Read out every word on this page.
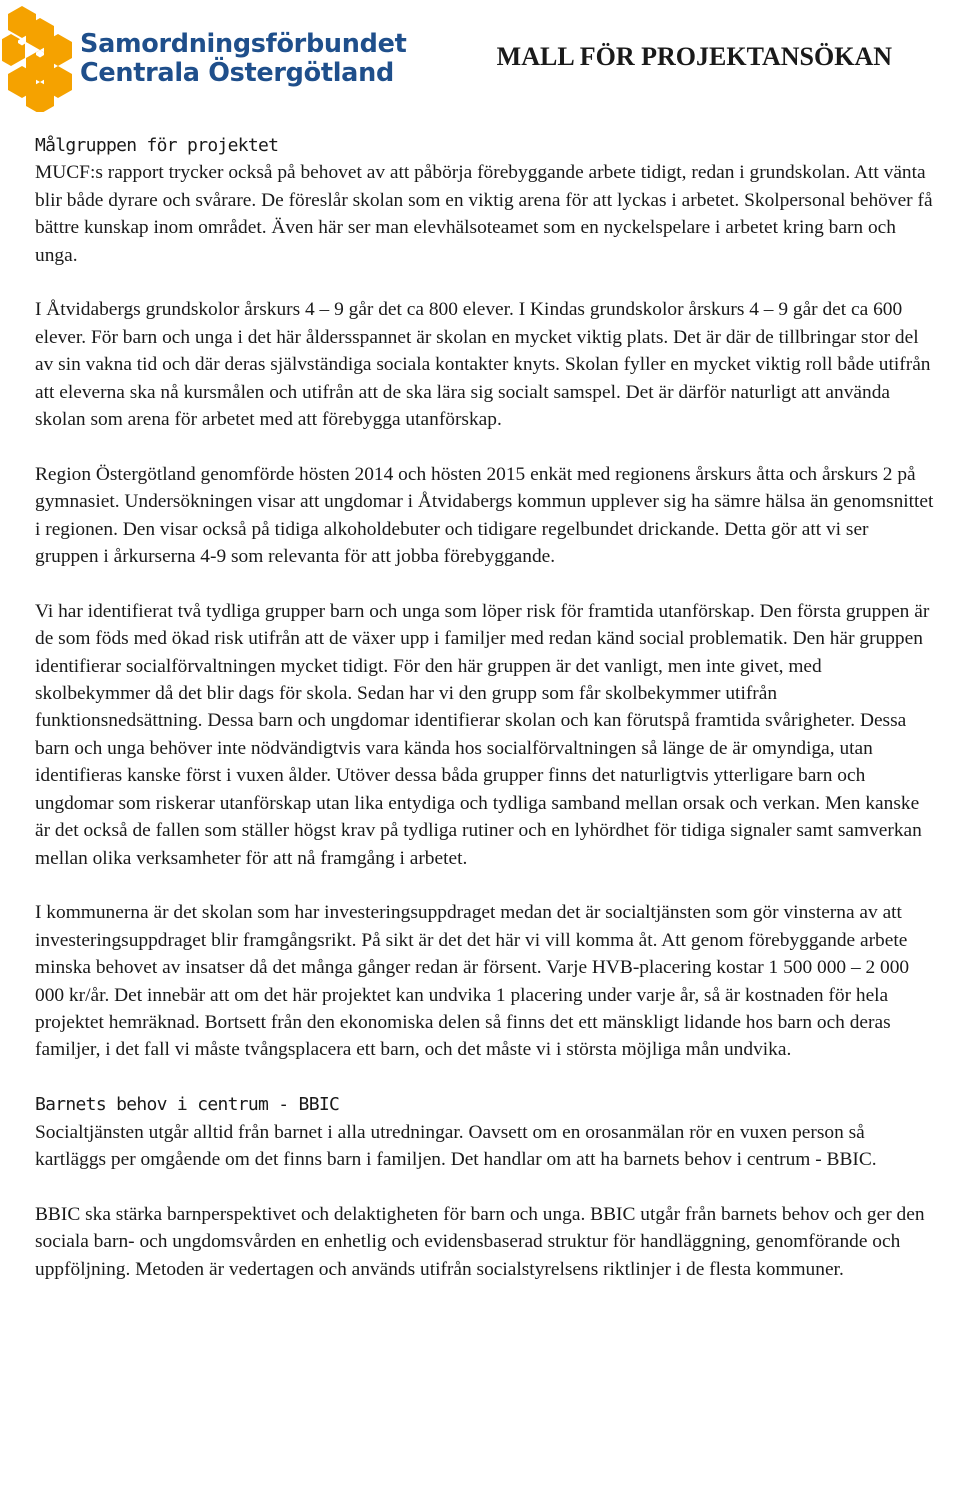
Samordningsförbundet
Centrala Östergötland
MALL FÖR PROJEKTANSÖKAN

Målgruppen för projektet
MUCF:s rapport trycker också på behovet av att påbörja förebyggande arbete tidigt, redan i grundskolan. Att vänta blir både dyrare och svårare. De föreslår skolan som en viktig arena för att lyckas i arbetet. Skolpersonal behöver få bättre kunskap inom området. Även här ser man elevhälsoteamet som en nyckelspelare i arbetet kring barn och unga.

I Åtvidabergs grundskolor årskurs 4 – 9 går det ca 800 elever. I Kindas grundskolor årskurs 4 – 9 går det ca 600 elever. För barn och unga i det här åldersspannet är skolan en mycket viktig plats. Det är där de tillbringar stor del av sin vakna tid och där deras självständiga sociala kontakter knyts. Skolan fyller en mycket viktig roll både utifrån att eleverna ska nå kursmålen och utifrån att de ska lära sig socialt samspel. Det är därför naturligt att använda skolan som arena för arbetet med att förebygga utanförskap.

Region Östergötland genomförde hösten 2014 och hösten 2015 enkät med regionens årskurs åtta och årskurs 2 på gymnasiet. Undersökningen visar att ungdomar i Åtvidabergs kommun upplever sig ha sämre hälsa än genomsnittet i regionen. Den visar också på tidiga alkoholdebuter och tidigare regelbundet drickande. Detta gör att vi ser gruppen i årkurserna 4-9 som relevanta för att jobba förebyggande.

Vi har identifierat två tydliga grupper barn och unga som löper risk för framtida utanförskap. Den första gruppen är de som föds med ökad risk utifrån att de växer upp i familjer med redan känd social problematik. Den här gruppen identifierar socialförvaltningen mycket tidigt. För den här gruppen är det vanligt, men inte givet, med skolbekymmer då det blir dags för skola. Sedan har vi den grupp som får skolbekymmer utifrån funktionsnedsättning. Dessa barn och ungdomar identifierar skolan och kan förutspå framtida svårigheter. Dessa barn och unga behöver inte nödvändigtvis vara kända hos socialförvaltningen så länge de är omyndiga, utan identifieras kanske först i vuxen ålder. Utöver dessa båda grupper finns det naturligtvis ytterligare barn och ungdomar som riskerar utanförskap utan lika entydiga och tydliga samband mellan orsak och verkan. Men kanske är det också de fallen som ställer högst krav på tydliga rutiner och en lyhördhet för tidiga signaler samt samverkan mellan olika verksamheter för att nå framgång i arbetet.

I kommunerna är det skolan som har investeringsuppdraget medan det är socialtjänsten som gör vinsterna av att investeringsuppdraget blir framgångsrikt. På sikt är det det här vi vill komma åt. Att genom förebyggande arbete minska behovet av insatser då det många gånger redan är försent. Varje HVB-placering kostar 1 500 000 – 2 000 000 kr/år. Det innebär att om det här projektet kan undvika 1 placering under varje år, så är kostnaden för hela projektet hemräknad. Bortsett från den ekonomiska delen så finns det ett mänskligt lidande hos barn och deras familjer, i det fall vi måste tvångsplacera ett barn, och det måste vi i största möjliga mån undvika.

Barnets behov i centrum - BBIC
Socialtjänsten utgår alltid från barnet i alla utredningar. Oavsett om en orosanmälan rör en vuxen person så kartläggs per omgående om det finns barn i familjen. Det handlar om att ha barnets behov i centrum - BBIC.

BBIC ska stärka barnperspektivet och delaktigheten för barn och unga. BBIC utgår från barnets behov och ger den sociala barn- och ungdomsvården en enhetlig och evidensbaserad struktur för handläggning, genomförande och uppföljning. Metoden är vedertagen och används utifrån socialstyrelsens riktlinjer i de flesta kommuner.
